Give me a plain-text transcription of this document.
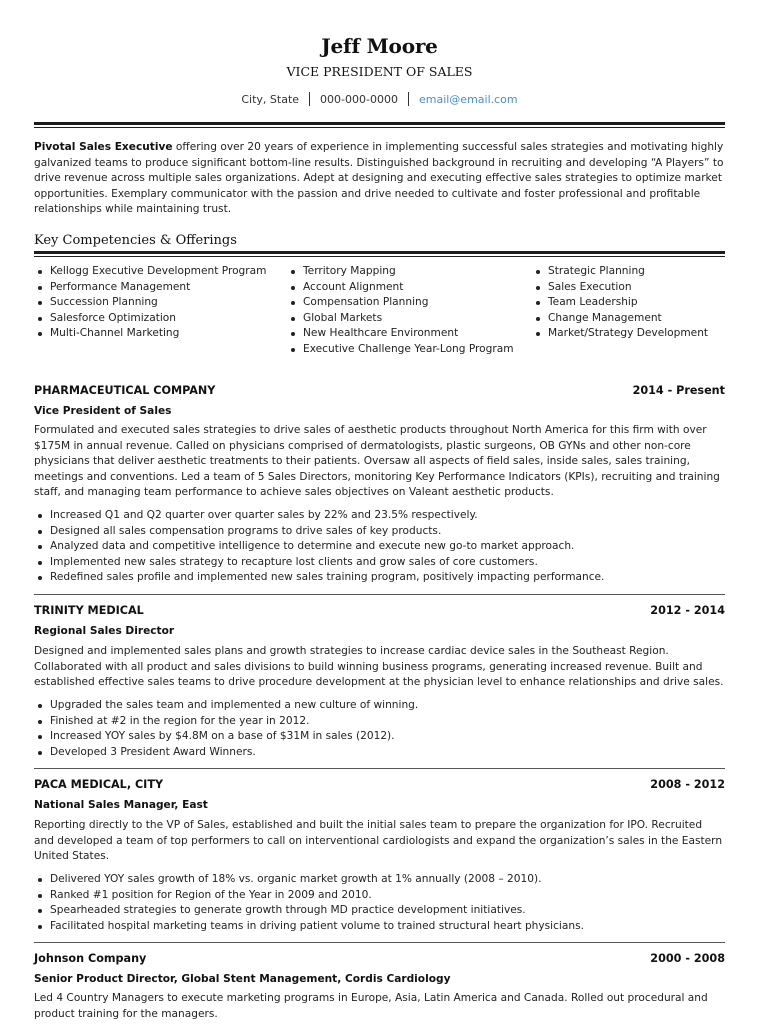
Jeff Moore
VICE PRESIDENT OF SALES
City, State 000-000-0000 email@email.com
Pivotal Sales Executive offering over 20 years of experience in implementing successful sales strategies and motivating highly galvanized teams to produce significant bottom-line results. Distinguished background in recruiting and developing “A Players” to drive revenue across multiple sales organizations. Adept at designing and executing effective sales strategies to optimize market opportunities. Exemplary communicator with the passion and drive needed to cultivate and foster professional and profitable relationships while maintaining trust.
Key Competencies & Offerings
Kellogg Executive Development Program
Performance Management
Succession Planning
Salesforce Optimization
Multi-Channel Marketing
Territory Mapping
Account Alignment
Compensation Planning
Global Markets
New Healthcare Environment
Executive Challenge Year-Long Program
Strategic Planning
Sales Execution
Team Leadership
Change Management
Market/Strategy Development
PHARMACEUTICAL COMPANY	2014 - Present
Vice President of Sales
Formulated and executed sales strategies to drive sales of aesthetic products throughout North America for this firm with over $175M in annual revenue. Called on physicians comprised of dermatologists, plastic surgeons, OB GYNs and other non-core physicians that deliver aesthetic treatments to their patients. Oversaw all aspects of field sales, inside sales, sales training, meetings and conventions. Led a team of 5 Sales Directors, monitoring Key Performance Indicators (KPIs), recruiting and training staff, and managing team performance to achieve sales objectives on Valeant aesthetic products.
Increased Q1 and Q2 quarter over quarter sales by 22% and 23.5% respectively.
Designed all sales compensation programs to drive sales of key products.
Analyzed data and competitive intelligence to determine and execute new go-to market approach.
Implemented new sales strategy to recapture lost clients and grow sales of core customers.
Redefined sales profile and implemented new sales training program, positively impacting performance.
TRINITY MEDICAL	2012 - 2014
Regional Sales Director
Designed and implemented sales plans and growth strategies to increase cardiac device sales in the Southeast Region. Collaborated with all product and sales divisions to build winning business programs, generating increased revenue. Built and established effective sales teams to drive procedure development at the physician level to enhance relationships and drive sales.
Upgraded the sales team and implemented a new culture of winning.
Finished at #2 in the region for the year in 2012.
Increased YOY sales by $4.8M on a base of $31M in sales (2012).
Developed 3 President Award Winners.
PACA MEDICAL, CITY	2008 - 2012
National Sales Manager, East
Reporting directly to the VP of Sales, established and built the initial sales team to prepare the organization for IPO. Recruited and developed a team of top performers to call on interventional cardiologists and expand the organization’s sales in the Eastern United States.
Delivered YOY sales growth of 18% vs. organic market growth at 1% annually (2008 – 2010).
Ranked #1 position for Region of the Year in 2009 and 2010.
Spearheaded strategies to generate growth through MD practice development initiatives.
Facilitated hospital marketing teams in driving patient volume to trained structural heart physicians.
Johnson Company	2000 - 2008
Senior Product Director, Global Stent Management, Cordis Cardiology
Led 4 Country Managers to execute marketing programs in Europe, Asia, Latin America and Canada. Rolled out procedural and product training for the managers.
